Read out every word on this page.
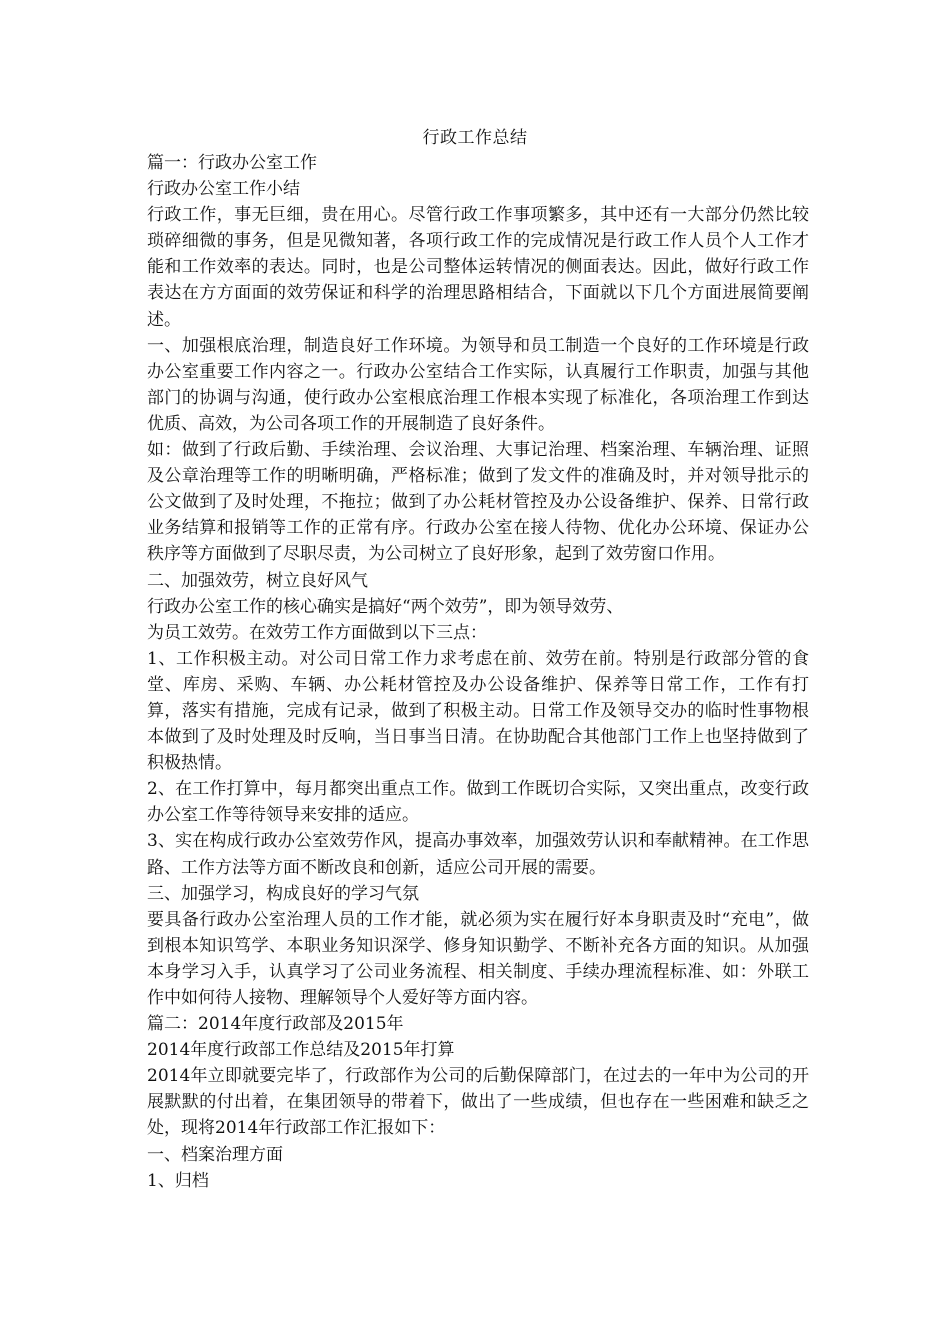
行政工作总结

篇一：行政办公室工作

行政办公室工作小结

行政工作，事无巨细，贵在用心。尽管行政工作事项繁多，其中还有一大部分仍然比较琐碎细微的事务，但是见微知著，各项行政工作的完成情况是行政工作人员个人工作才能和工作效率的表达。同时，也是公司整体运转情况的侧面表达。因此，做好行政工作表达在方方面面的效劳保证和科学的治理思路相结合，下面就以下几个方面进展简要阐述。

一、加强根底治理，制造良好工作环境。为领导和员工制造一个良好的工作环境是行政办公室重要工作内容之一。行政办公室结合工作实际，认真履行工作职责，加强与其他部门的协调与沟通，使行政办公室根底治理工作根本实现了标准化，各项治理工作到达优质、高效，为公司各项工作的开展制造了良好条件。

如：做到了行政后勤、手续治理、会议治理、大事记治理、档案治理、车辆治理、证照及公章治理等工作的明晰明确，严格标准；做到了发文件的准确及时，并对领导批示的公文做到了及时处理，不拖拉；做到了办公耗材管控及办公设备维护、保养、日常行政业务结算和报销等工作的正常有序。行政办公室在接人待物、优化办公环境、保证办公秩序等方面做到了尽职尽责，为公司树立了良好形象，起到了效劳窗口作用。

二、加强效劳，树立良好风气

行政办公室工作的核心确实是搞好“两个效劳”，即为领导效劳、

为员工效劳。在效劳工作方面做到以下三点：

1、工作积极主动。对公司日常工作力求考虑在前、效劳在前。特别是行政部分管的食堂、库房、采购、车辆、办公耗材管控及办公设备维护、保养等日常工作，工作有打算，落实有措施，完成有记录，做到了积极主动。日常工作及领导交办的临时性事物根本做到了及时处理及时反响，当日事当日清。在协助配合其他部门工作上也坚持做到了积极热情。

2、在工作打算中，每月都突出重点工作。做到工作既切合实际，又突出重点，改变行政办公室工作等待领导来安排的适应。

3、实在构成行政办公室效劳作风，提高办事效率，加强效劳认识和奉献精神。在工作思路、工作方法等方面不断改良和创新，适应公司开展的需要。

三、加强学习，构成良好的学习气氛

要具备行政办公室治理人员的工作才能，就必须为实在履行好本身职责及时“充电”，做到根本知识笃学、本职业务知识深学、修身知识勤学、不断补充各方面的知识。从加强本身学习入手，认真学习了公司业务流程、相关制度、手续办理流程标准、如：外联工作中如何待人接物、理解领导个人爱好等方面内容。

篇二：2014年度行政部及2015年

2014年度行政部工作总结及2015年打算

2014年立即就要完毕了，行政部作为公司的后勤保障部门，在过去的一年中为公司的开展默默的付出着，在集团领导的带着下，做出了一些成绩，但也存在一些困难和缺乏之处，现将2014年行政部工作汇报如下：

一、档案治理方面

1、归档
